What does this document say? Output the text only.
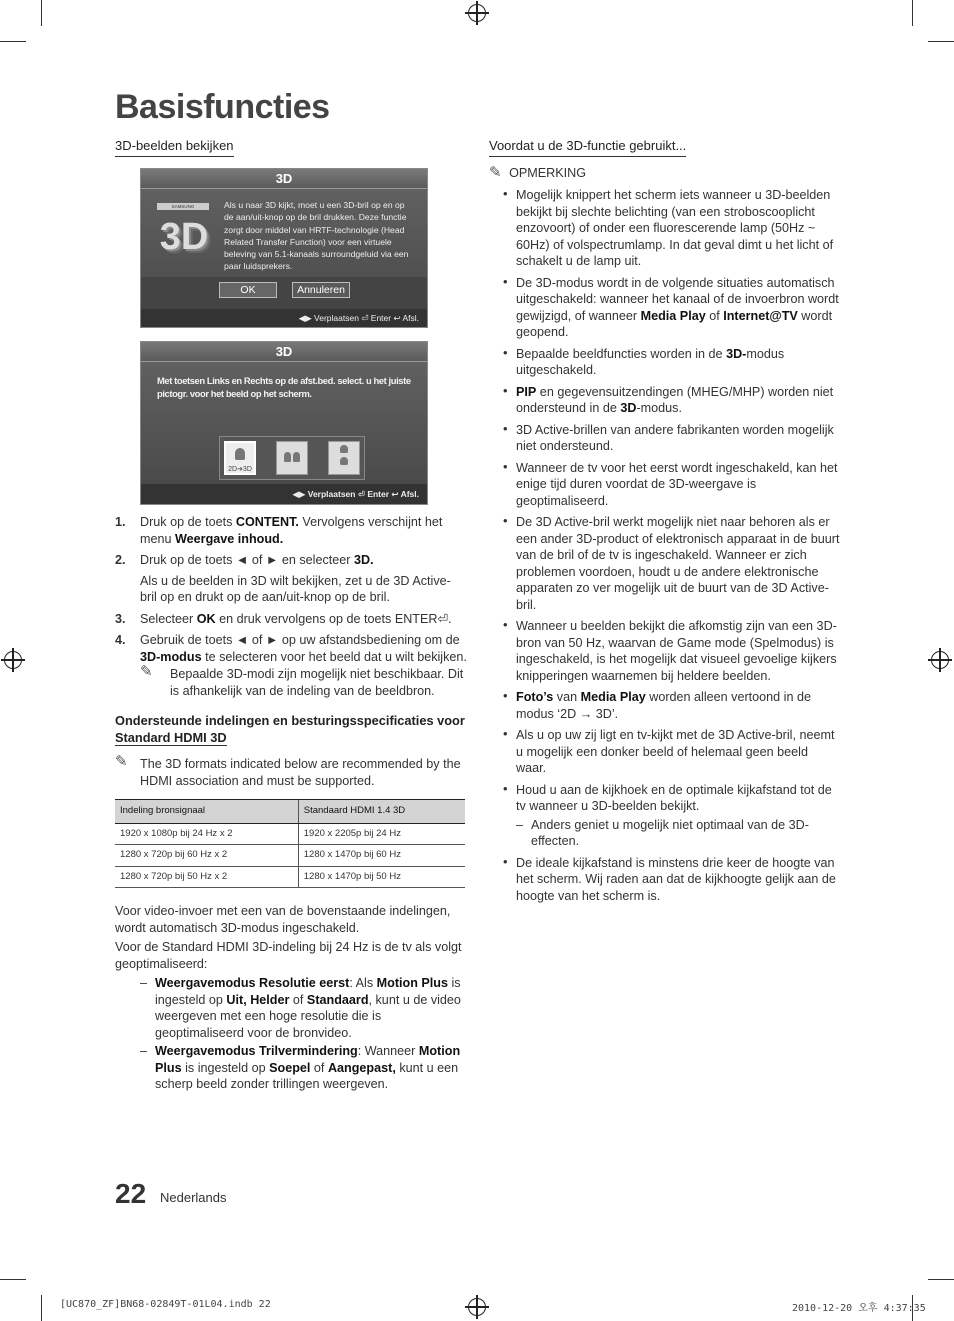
Basisfuncties
3D-beelden bekijken
3D
SAMSUNG
3D
Als u naar 3D kijkt, moet u een 3D-bril op en op de aan/uit-knop op de bril drukken. Deze functie zorgt door middel van HRTF-technologie (Head Related Transfer Function) voor een virtuele beleving van 5.1-kanaals surroundgeluid via een paar luidsprekers.
OK	Annuleren
◀▶ Verplaatsen ⏎ Enter ↩ Afsl.
3D
Met toetsen Links en Rechts op de afst.bed. select. u het juiste pictogr. voor het beeld op het scherm.
2D➔3D
◀▶ Verplaatsen ⏎ Enter ↩ Afsl.
1. Druk op de toets CONTENT. Vervolgens verschijnt het menu Weergave inhoud.
2. Druk op de toets ◄ of ► en selecteer 3D.
Als u de beelden in 3D wilt bekijken, zet u de 3D Active-bril op en drukt op de aan/uit-knop op de bril.
3. Selecteer OK en druk vervolgens op de toets ENTER⏎.
4. Gebruik de toets ◄ of ► op uw afstandsbediening om de 3D-modus te selecteren voor het beeld dat u wilt bekijken.
✎	Bepaalde 3D-modi zijn mogelijk niet beschikbaar. Dit is afhankelijk van de indeling van de beeldbron.
Ondersteunde indelingen en besturingsspecificaties voor
Standard HDMI 3D
✎ The 3D formats indicated below are recommended by the HDMI association and must be supported.
Indeling bronsignaal	Standaard HDMI 1.4 3D
1920 x 1080p bij 24 Hz x 2	1920 x 2205p bij 24 Hz
1280 x 720p bij 60 Hz x 2	1280 x 1470p bij 60 Hz
1280 x 720p bij 50 Hz x 2	1280 x 1470p bij 50 Hz

Voor video-invoer met een van de bovenstaande indelingen, wordt automatisch 3D-modus ingeschakeld.

Voor de Standard HDMI 3D-indeling bij 24 Hz is de tv als volgt geoptimaliseerd:

– Weergavemodus Resolutie eerst: Als Motion Plus is ingesteld op Uit, Helder of Standaard, kunt u de video weergeven met een hoge resolutie die is geoptimaliseerd voor de bronvideo.
– Weergavemodus Trilvermindering: Wanneer Motion Plus is ingesteld op Soepel of Aangepast, kunt u een scherp beeld zonder trillingen weergeven.
Voordat u de 3D-functie gebruikt...
✎ OPMERKING
• Mogelijk knippert het scherm iets wanneer u 3D-beelden bekijkt bij slechte belichting (van een stroboscooplicht enzovoort) of onder een fluorescerende lamp (50Hz ~ 60Hz) of volspectrumlamp. In dat geval dimt u het licht of schakelt u de lamp uit.
• De 3D-modus wordt in de volgende situaties automatisch uitgeschakeld: wanneer het kanaal of de invoerbron wordt gewijzigd, of wanneer Media Play of Internet@TV wordt geopend.
• Bepaalde beeldfuncties worden in de 3D-modus uitgeschakeld.
• PIP en gegevensuitzendingen (MHEG/MHP) worden niet ondersteund in de 3D-modus.
• 3D Active-brillen van andere fabrikanten worden mogelijk niet ondersteund.
• Wanneer de tv voor het eerst wordt ingeschakeld, kan het enige tijd duren voordat de 3D-weergave is geoptimaliseerd.
• De 3D Active-bril werkt mogelijk niet naar behoren als er een ander 3D-product of elektronisch apparaat in de buurt van de bril of de tv is ingeschakeld. Wanneer er zich problemen voordoen, houdt u de andere elektronische apparaten zo ver mogelijk uit de buurt van de 3D Active-bril.
• Wanneer u beelden bekijkt die afkomstig zijn van een 3D-bron van 50 Hz, waarvan de Game mode (Spelmodus) is ingeschakeld, is het mogelijk dat visueel gevoelige kijkers knipperingen waarnemen bij heldere beelden.
• Foto’s van Media Play worden alleen vertoond in de modus ‘2D → 3D’.
• Als u op uw zij ligt en tv-kijkt met de 3D Active-bril, neemt u mogelijk een donker beeld of helemaal geen beeld waar.
• Houd u aan de kijkhoek en de optimale kijkafstand tot de tv wanneer u 3D-beelden bekijkt.
– Anders geniet u mogelijk niet optimaal van de 3D-effecten.
• De ideale kijkafstand is minstens drie keer de hoogte van het scherm. Wij raden aan dat de kijkhoogte gelijk aan de hoogte van het scherm is.
22 Nederlands
[UC870_ZF]BN68-02849T-01L04.indb 22	2010-12-20 오후 4:37:35
